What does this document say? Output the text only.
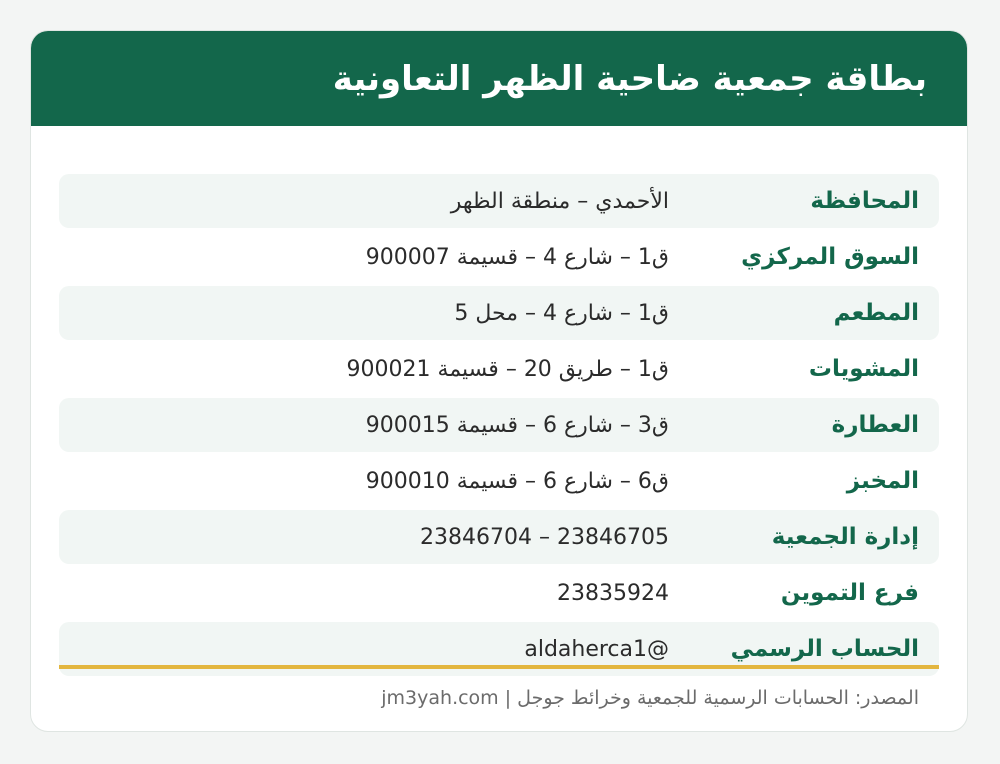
بطاقة جمعية ضاحية الظهر التعاونية
المحافظة
الأحمدي – منطقة الظهر
السوق المركزي
ق1 – شارع 4 – قسيمة 900007
المطعم
ق1 – شارع 4 – محل 5
المشويات
ق1 – طريق 20 – قسيمة 900021
العطارة
ق3 – شارع 6 – قسيمة 900015
المخبز
ق6 – شارع 6 – قسيمة 900010
إدارة الجمعية
23846704 – 23846705
فرع التموين
23835924
الحساب الرسمي
aldaherca1@
المصدر: الحسابات الرسمية للجمعية وخرائط جوجل | jm3yah.com
